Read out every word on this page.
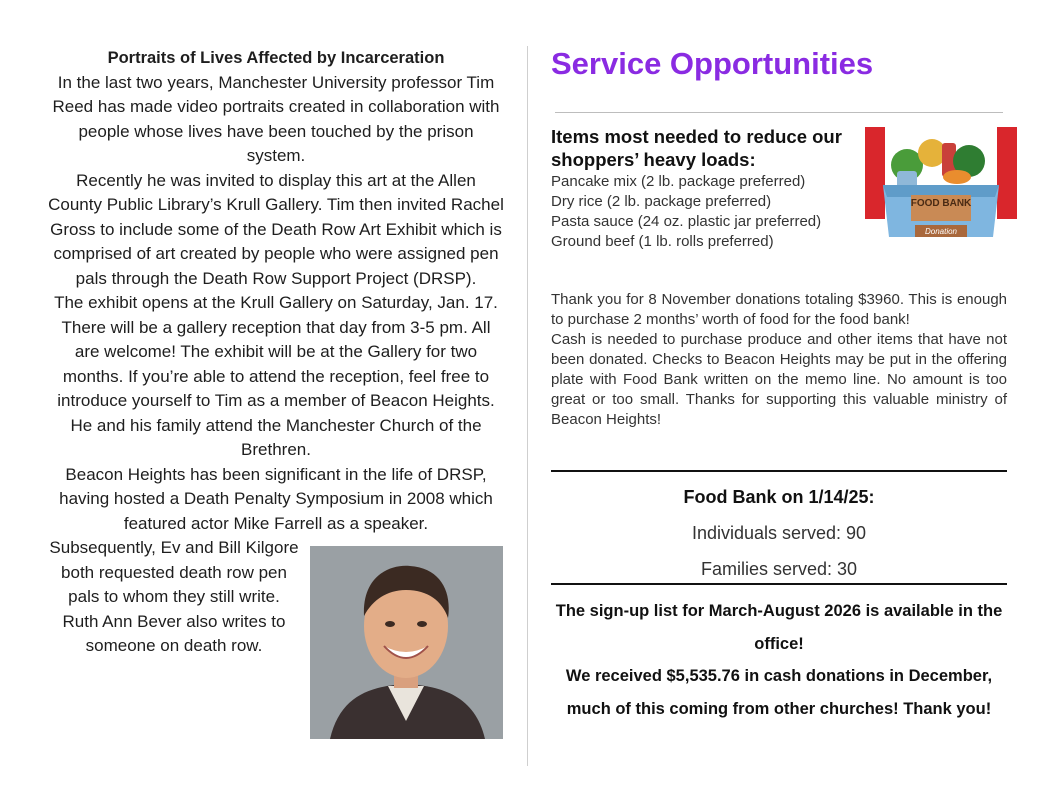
Portraits of Lives Affected by Incarceration

In the last two years, Manchester University professor Tim Reed has made video portraits created in collaboration with people whose lives have been touched by the prison system.

Recently he was invited to display this art at the Allen County Public Library’s Krull Gallery. Tim then invited Rachel Gross to include some of the Death Row Art Exhibit which is comprised of art created by people who were assigned pen pals through the Death Row Support Project (DRSP).

The exhibit opens at the Krull Gallery on Saturday, Jan. 17. There will be a gallery reception that day from 3-5 pm. All are welcome! The exhibit will be at the Gallery for two months. If you’re able to attend the reception, feel free to introduce yourself to Tim as a member of Beacon Heights. He and his family attend the Manchester Church of the Brethren.

Beacon Heights has been significant in the life of DRSP, having hosted a Death Penalty Symposium in 2008 which featured actor Mike Farrell as a speaker.

Subsequently, Ev and Bill Kilgore both requested death row pen pals to whom they still write. Ruth Ann Bever also writes to someone on death row.

Service Opportunities
Items most needed to reduce our shoppers’ heavy loads:
Pancake mix (2 lb. package preferred)
Dry rice (2 lb. package preferred)
Pasta sauce (24 oz. plastic jar preferred)
Ground beef (1 lb. rolls preferred)
FOOD BANK
Donation

Thank you for 8 November donations totaling $3960. This is enough to purchase 2 months’ worth of food for the food bank!

Cash is needed to purchase produce and other items that have not been donated. Checks to Beacon Heights may be put in the offering plate with Food Bank written on the memo line. No amount is too great or too small. Thanks for supporting this valuable ministry of Beacon Heights!

Food Bank on 1/14/25:
Individuals served: 90
Families served: 30

The sign-up list for March-August 2026 is available in the office!

We received $5,535.76 in cash donations in December, much of this coming from other churches! Thank you!
